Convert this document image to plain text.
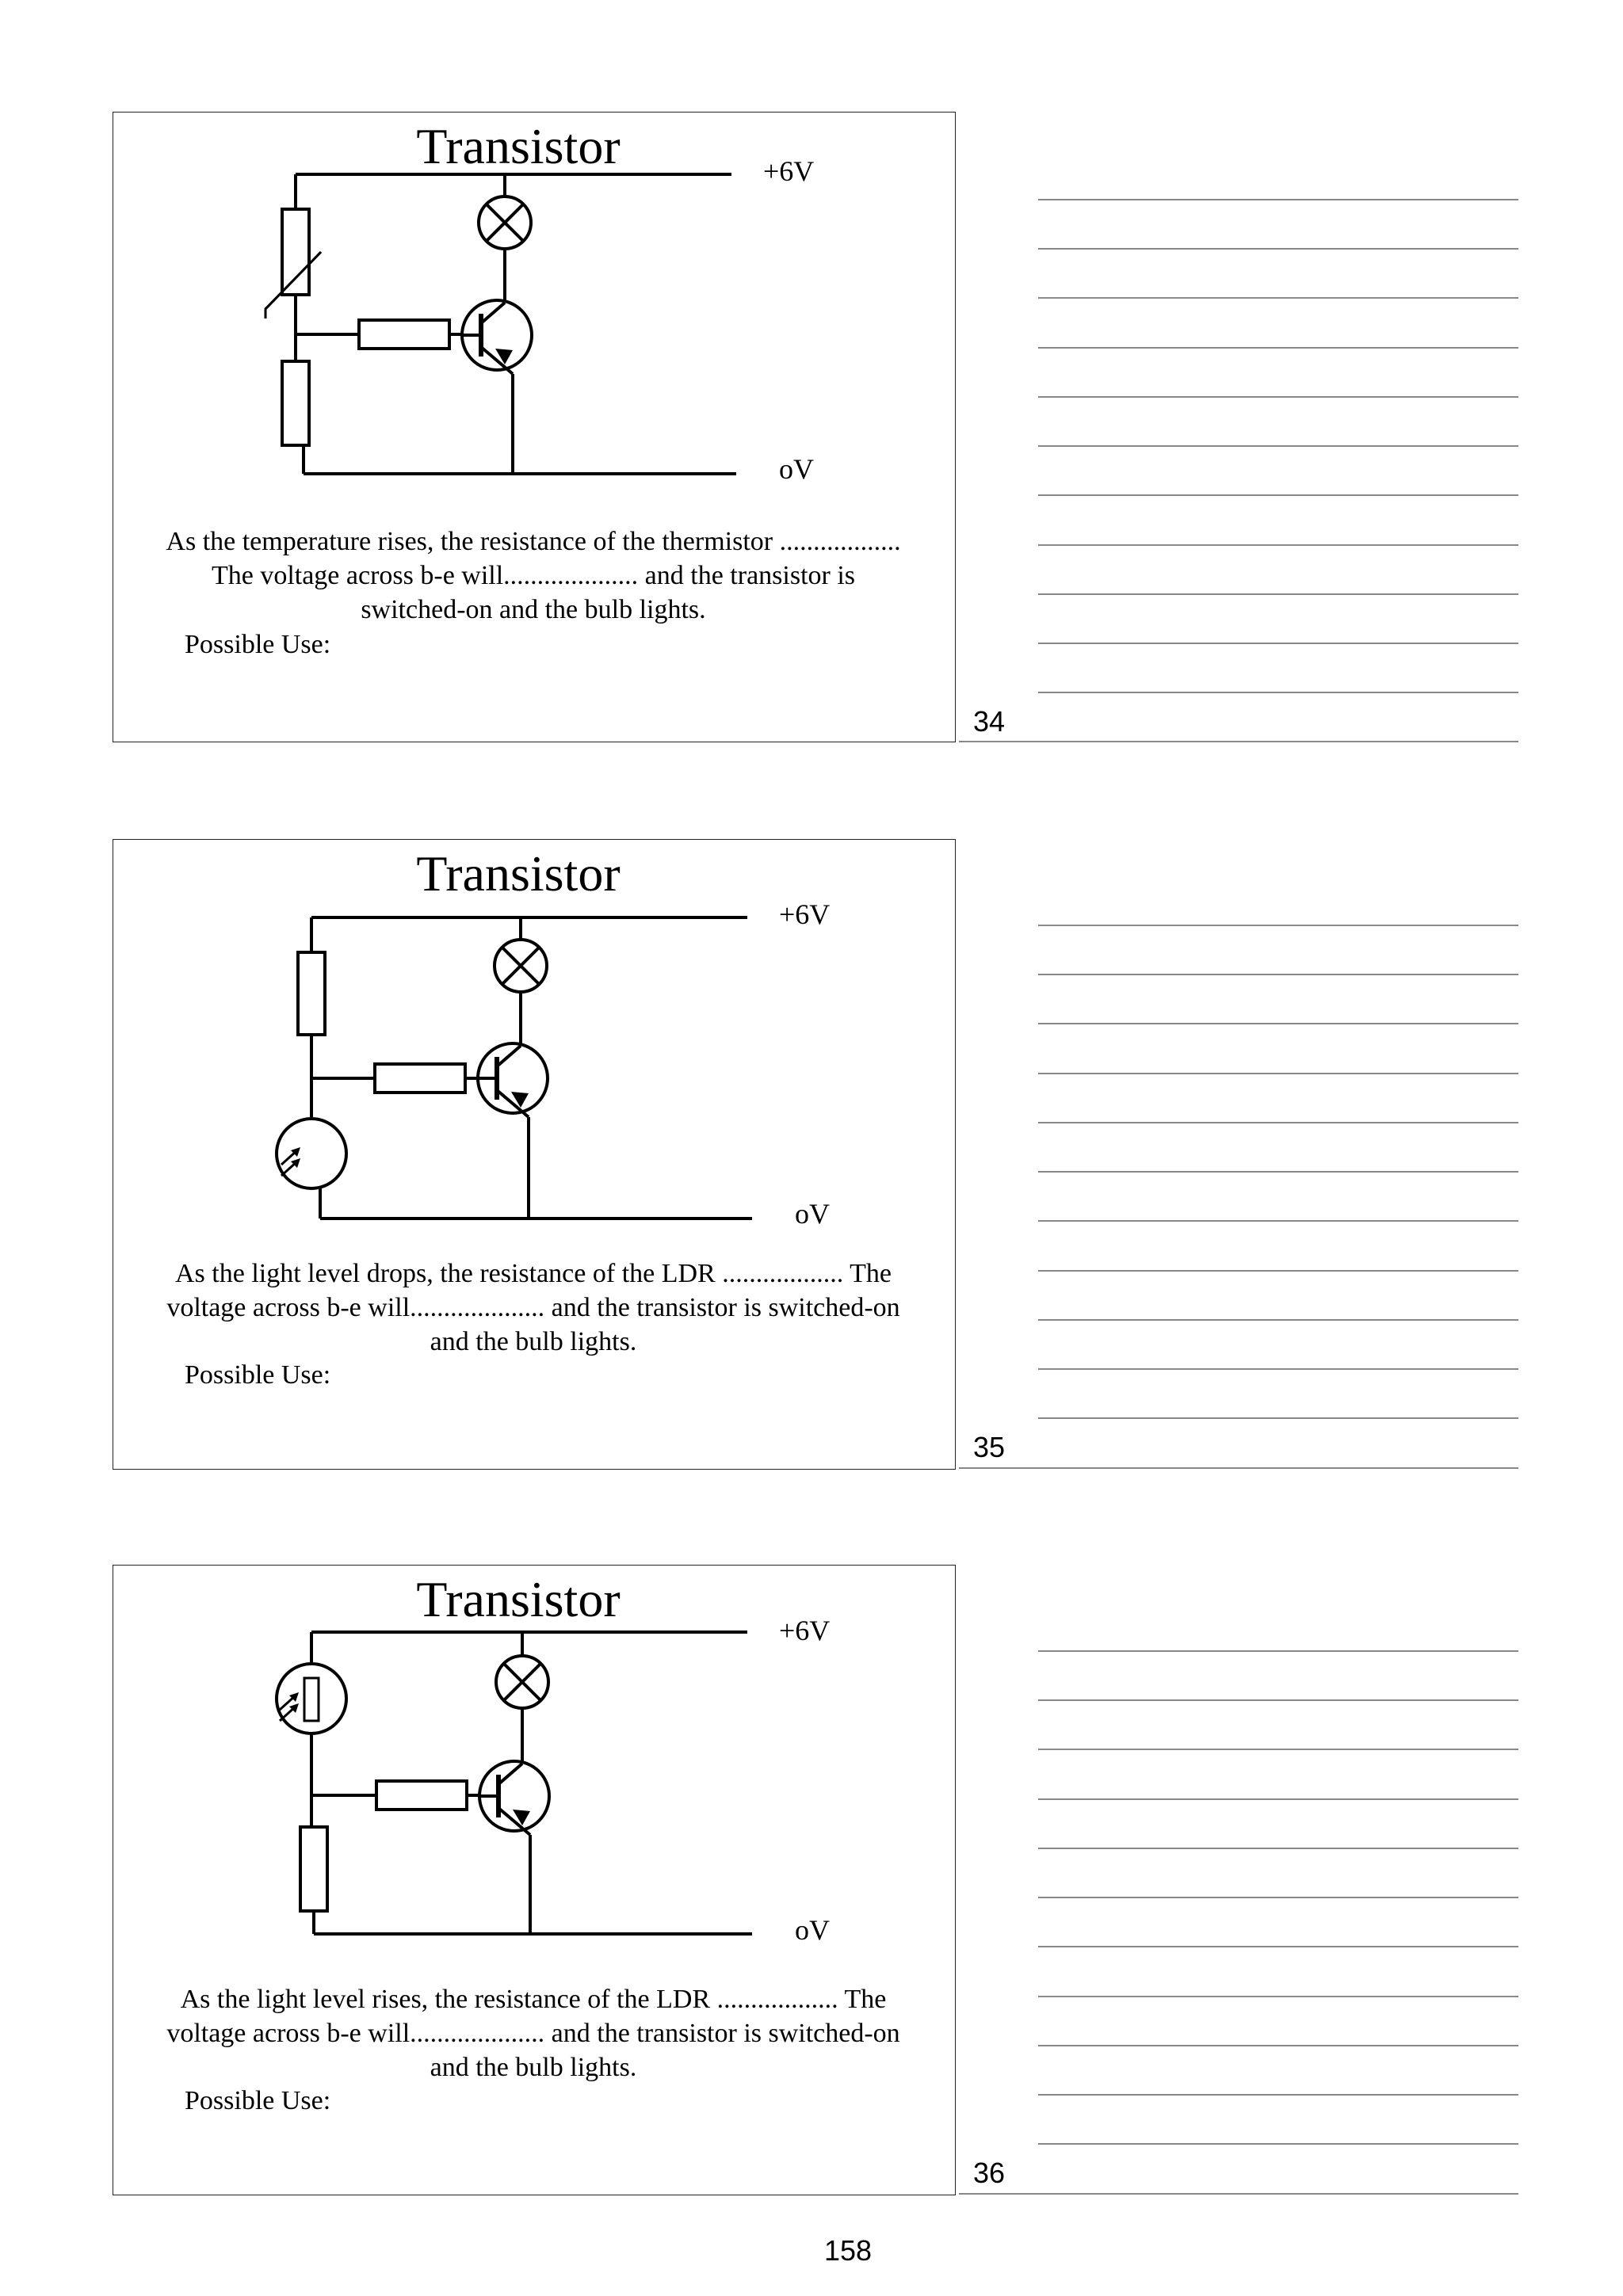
Transistor	+6V
oV
As the temperature rises, the resistance of the thermistor .................. The voltage across b-e will.................... and the transistor is switched-on and the bulb lights.
Possible Use:
Transistor
+6V
oV
As the light level drops, the resistance of the LDR .................. The voltage across b-e will.................... and the transistor is switched-on and the bulb lights.
Possible Use:
Transistor
+6V
oV
As the light level rises, the resistance of the LDR .................. The voltage across b-e will.................... and the transistor is switched-on and the bulb lights.
Possible Use:
34
35
36
158
